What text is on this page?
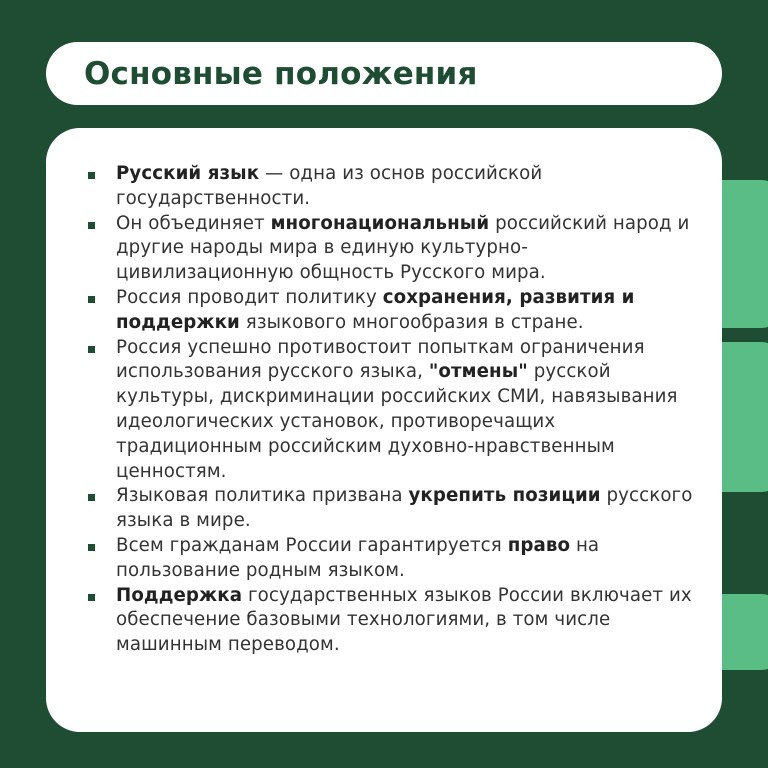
Основные положения
Русский язык — одна из основ российской государственности.
Он объединяет многонациональный российский народ и другие народы мира в единую культурно-цивилизационную общность Русского мира.
Россия проводит политику сохранения, развития и поддержки языкового многообразия в стране.
Россия успешно противостоит попыткам ограничения использования русского языка, "отмены" русской культуры, дискриминации российских СМИ, навязывания идеологических установок, противоречащих традиционным российским духовно-нравственным ценностям.
Языковая политика призвана укрепить позиции русского языка в мире.
Всем гражданам России гарантируется право на пользование родным языком.
Поддержка государственных языков России включает их обеспечение базовыми технологиями, в том числе машинным переводом.
